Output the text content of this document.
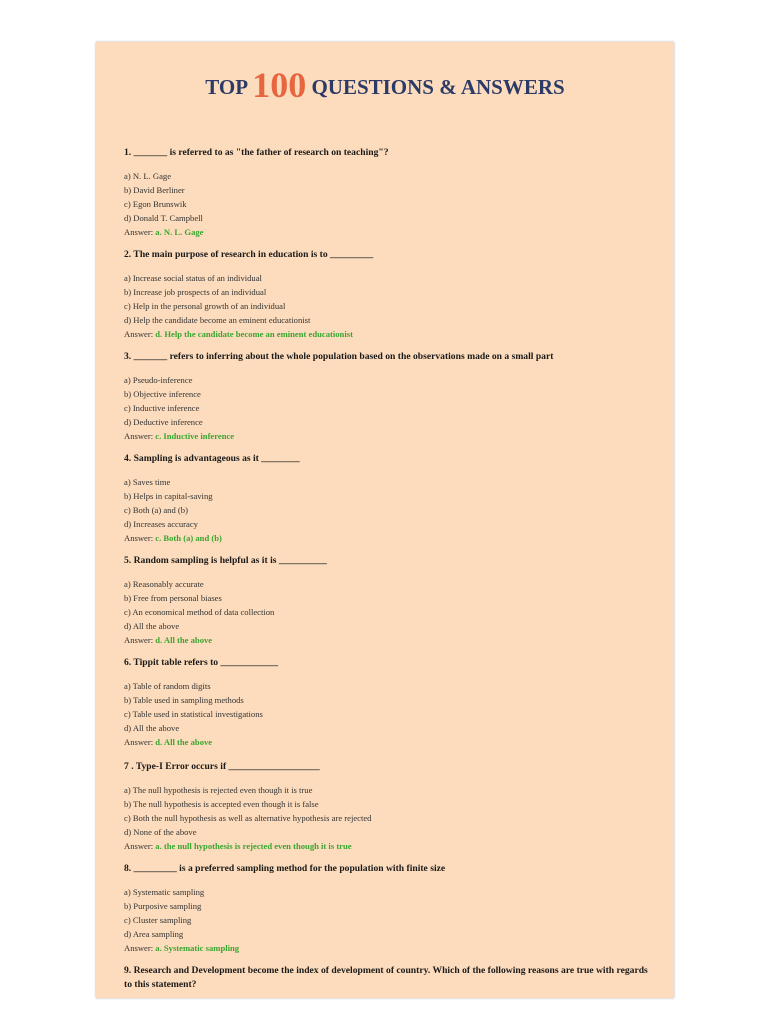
TOP 100 QUESTIONS & ANSWERS
1. _______ is referred to as "the father of research on teaching"?
a) N. L. Gage
b) David Berliner
c) Egon Brunswik
d) Donald T. Campbell
Answer: a. N. L. Gage
2. The main purpose of research in education is to _________
a) Increase social status of an individual
b) Increase job prospects of an individual
c) Help in the personal growth of an individual
d) Help the candidate become an eminent educationist
Answer: d. Help the candidate become an eminent educationist
3. _______ refers to inferring about the whole population based on the observations made on a small part
a) Pseudo-inference
b) Objective inference
c) Inductive inference
d) Deductive inference
Answer: c. Inductive inference
4. Sampling is advantageous as it ________
a) Saves time
b) Helps in capital-saving
c) Both (a) and (b)
d) Increases accuracy
Answer: c. Both (a) and (b)
5. Random sampling is helpful as it is __________
a) Reasonably accurate
b) Free from personal biases
c) An economical method of data collection
d) All the above
Answer: d. All the above
6. Tippit table refers to ____________
a) Table of random digits
b) Table used in sampling methods
c) Table used in statistical investigations
d) All the above
Answer: d. All the above
7 . Type-I Error occurs if ___________________
a) The null hypothesis is rejected even though it is true
b) The null hypothesis is accepted even though it is false
c) Both the null hypothesis as well as alternative hypothesis are rejected
d) None of the above
Answer: a. the null hypothesis is rejected even though it is true
8. _________ is a preferred sampling method for the population with finite size
a) Systematic sampling
b) Purposive sampling
c) Cluster sampling
d) Area sampling
Answer: a. Systematic sampling
9. Research and Development become the index of development of country. Which of the following reasons are true with regards to this statement?
